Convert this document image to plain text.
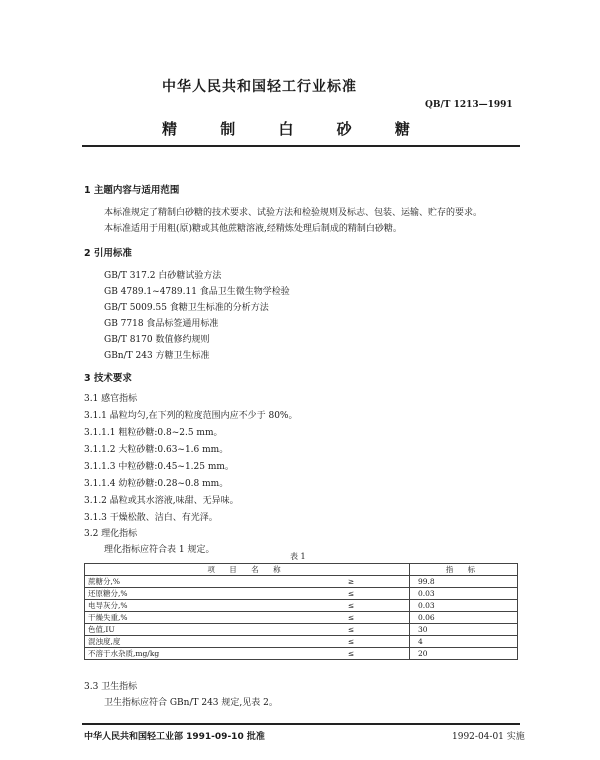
中华人民共和国轻工行业标准
QB/T 1213—1991
精 制 白 砂 糖
1 主题内容与适用范围
本标准规定了精制白砂糖的技术要求、试验方法和检验规则及标志、包装、运输、贮存的要求。
本标准适用于用粗(原)糖或其他蔗糖溶液,经精炼处理后制成的精制白砂糖。
2 引用标准
GB/T 317.2 白砂糖试验方法
GB 4789.1~4789.11 食品卫生微生物学检验
GB/T 5009.55 食糖卫生标准的分析方法
GB 7718 食品标签通用标准
GB/T 8170 数值修约规则
GBn/T 243 方糖卫生标准
3 技术要求
3.1 感官指标
3.1.1 晶粒均匀,在下列的粒度范围内应不少于 80%。
3.1.1.1 粗粒砂糖:0.8~2.5 mm。
3.1.1.2 大粒砂糖:0.63~1.6 mm。
3.1.1.3 中粒砂糖:0.45~1.25 mm。
3.1.1.4 幼粒砂糖:0.28~0.8 mm。
3.1.2 晶粒或其水溶液,味甜、无异味。
3.1.3 干燥松散、洁白、有光泽。
3.2 理化指标
理化指标应符合表 1 规定。
表 1
项 目 名 称		指 标
蔗糖分,%	≥	99.8
还原糖分,%	≤	0.03
电导灰分,%	≤	0.03
干燥失重,%	≤	0.06
色值,IU	≤	30
混浊度,度	≤	4
不溶于水杂质,mg/kg	≤	20
3.3 卫生指标
卫生指标应符合 GBn/T 243 规定,见表 2。
中华人民共和国轻工业部 1991-09-10 批准	1992-04-01 实施
